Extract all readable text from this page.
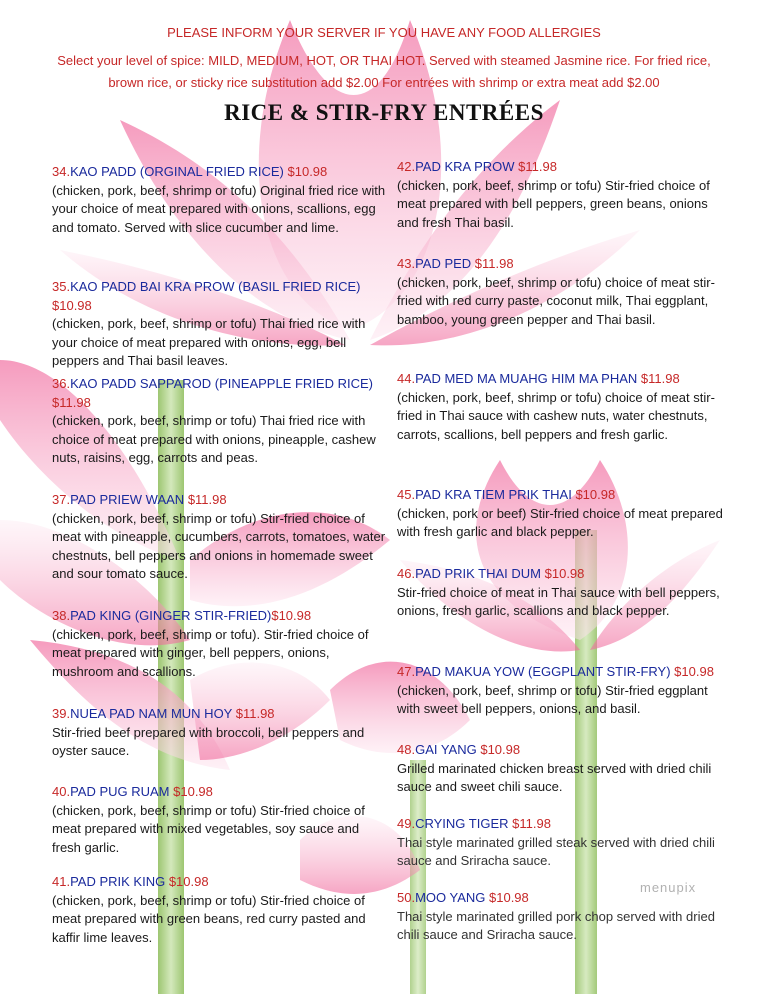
PLEASE INFORM YOUR SERVER IF YOU HAVE ANY FOOD ALLERGIES
Select your level of spice: MILD, MEDIUM, HOT, OR THAI HOT. Served with steamed Jasmine rice. For fried rice, brown rice, or sticky rice substitution add $2.00 For entrées with shrimp or extra meat add $2.00
RICE & STIR-FRY ENTRÉES
34.KAO PADD (ORGINAL FRIED RICE) $10.98
(chicken, pork, beef, shrimp or tofu) Original fried rice with your choice of meat prepared with onions, scallions, egg and tomato. Served with slice cucumber and lime.
35.KAO PADD BAI KRA PROW (BASIL FRIED RICE) $10.98
(chicken, pork, beef, shrimp or tofu) Thai fried rice with your choice of meat prepared with onions, egg, bell peppers and Thai basil leaves.
36.KAO PADD SAPPAROD (PINEAPPLE FRIED RICE) $11.98
(chicken, pork, beef, shrimp or tofu) Thai fried rice with choice of meat prepared with onions, pineapple, cashew nuts, raisins, egg, carrots and peas.
37.PAD PRIEW WAAN $11.98
(chicken, pork, beef, shrimp or tofu) Stir-fried choice of meat with pineapple, cucumbers, carrots, tomatoes, water chestnuts, bell peppers and onions in homemade sweet and sour tomato sauce.
38.PAD KING (GINGER STIR-FRIED)$10.98
(chicken, pork, beef, shrimp or tofu). Stir-fried choice of meat prepared with ginger, bell peppers, onions, mushroom and scallions.
39.NUEA PAD NAM MUN HOY $11.98
Stir-fried beef prepared with broccoli, bell peppers and oyster sauce.
40.PAD PUG RUAM $10.98
(chicken, pork, beef, shrimp or tofu) Stir-fried choice of meat prepared with mixed vegetables, soy sauce and fresh garlic.
41.PAD PRIK KING $10.98
(chicken, pork, beef, shrimp or tofu) Stir-fried choice of meat prepared with green beans, red curry pasted and kaffir lime leaves.
42.PAD KRA PROW $11.98
(chicken, pork, beef, shrimp or tofu) Stir-fried choice of meat prepared with bell peppers, green beans, onions and fresh Thai basil.
43.PAD PED $11.98
(chicken, pork, beef, shrimp or tofu) choice of meat stir-fried with red curry paste, coconut milk, Thai eggplant, bamboo, young green pepper and Thai basil.
44.PAD MED MA MUAHG HIM MA PHAN $11.98
(chicken, pork, beef, shrimp or tofu) choice of meat stir-fried in Thai sauce with cashew nuts, water chestnuts, carrots, scallions, bell peppers and fresh garlic.
45.PAD KRA TIEM PRIK THAI $10.98
(chicken, pork or beef) Stir-fried choice of meat prepared with fresh garlic and black pepper.
46.PAD PRIK THAI DUM $10.98
Stir-fried choice of meat in Thai sauce with bell peppers, onions, fresh garlic, scallions and black pepper.
47.PAD MAKUA YOW (EGGPLANT STIR-FRY) $10.98
(chicken, pork, beef, shrimp or tofu) Stir-fried eggplant with sweet bell peppers, onions, and basil.
48.GAI YANG $10.98
Grilled marinated chicken breast served with dried chili sauce and sweet chili sauce.
49.CRYING TIGER $11.98
Thai style marinated grilled steak served with dried chili sauce and Sriracha sauce.
50.MOO YANG $10.98
Thai style marinated grilled pork chop served with dried chili sauce and Sriracha sauce.
menupix
